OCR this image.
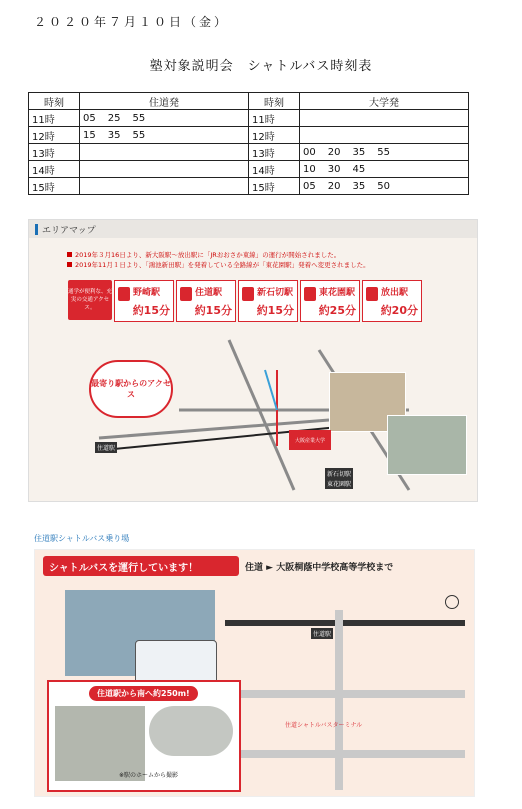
２０２０年７月１０日（金）
塾対象説明会　シャトルバス時刻表
時刻	住道発	時刻	大学発
11時	05 25 55	11時	
12時	15 35 55	12時	
13時		13時	00 20 35 55
14時		14時	10 30 45
15時		15時	05 20 35 50
エリアマップ
2019年３月16日より、新大阪駅～放出駅に「JRおおさか東線」の運行が開始されました。
2019年11月１日より、「鴻池新田駅」を発着している全路線が「東花園駅」発着へ変更されました。
通学が便利な、充実の交通アクセス。
野崎駅
約15分
住道駅
約15分
新石切駅
約15分
東花園駅
約25分
放出駅
約20分
最寄り駅からのアクセス
大阪産業大学
住道駅
新石切駅
東花園駅
住道駅シャトルバス乗り場
シャトルバスを運行しています！	住道 ► 大阪桐蔭中学校高等学校まで
住道駅
住道シャトルバスターミナル
住道駅から南へ約250m!
※駅のホームから撮影
